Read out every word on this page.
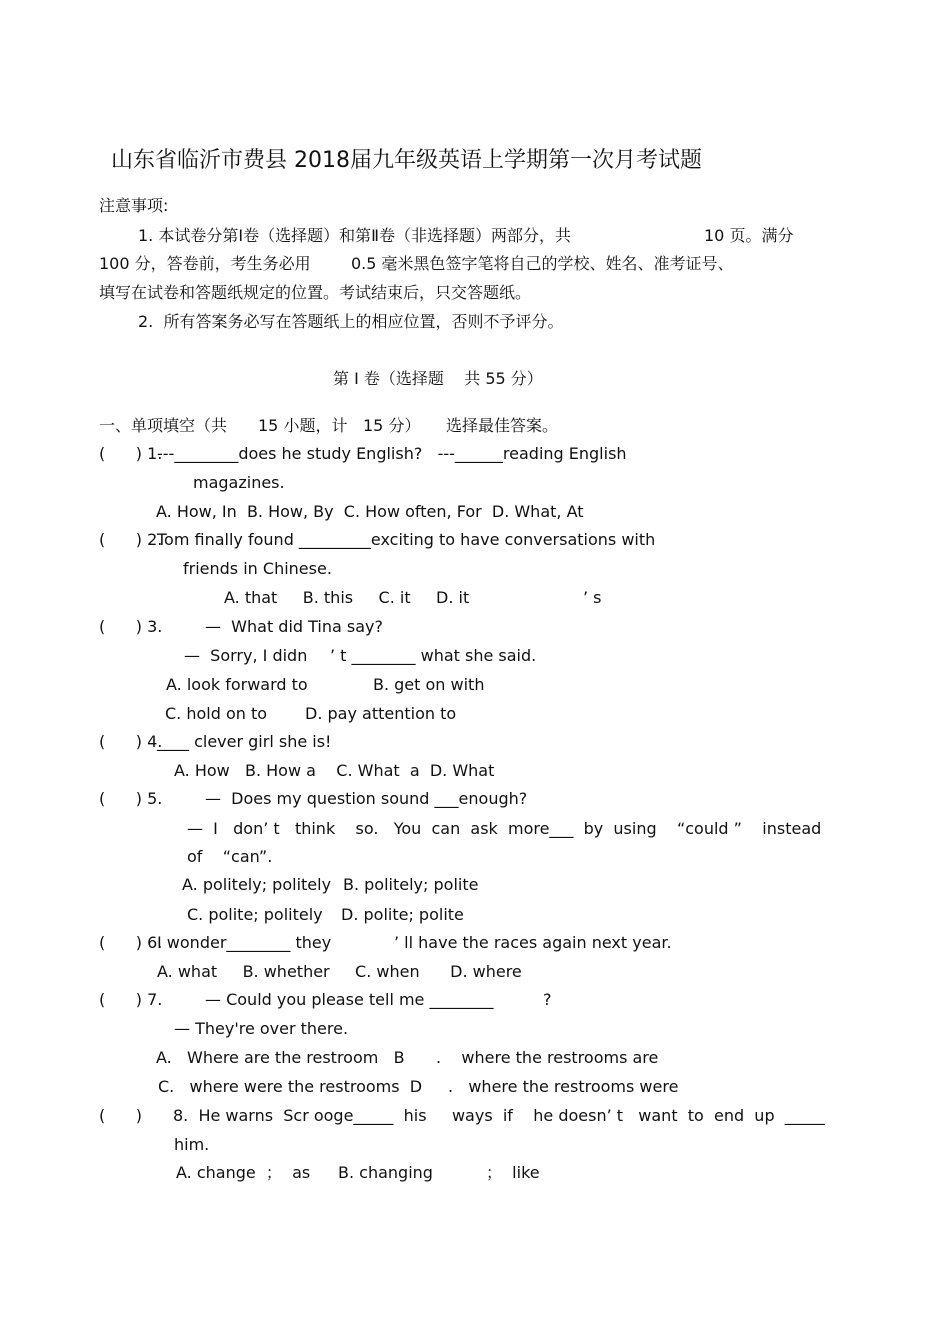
山东省临沂市费县 2018届九年级英语上学期第一次月考试题
注意事项:
1. 本试卷分第Ⅰ卷（选择题）和第Ⅱ卷（非选择题）两部分，共	10 页。满分
100 分，答卷前，考生务必用	0.5 毫米黑色签字笔将自己的学校、姓名、准考证号、
填写在试卷和答题纸规定的位置。考试结束后，只交答题纸。
2.  所有答案务必写在答题纸上的相应位置，否则不予评分。
第 I 卷（选择题    共 55 分）
一、单项填空（共 15 小题，计 15 分） 选择最佳答案。
(      ) 1.
---________does he study English?   ---______reading English
magazines.
A. How, In  B. How, By  C. How often, For  D. What, At
(      ) 2.
Tom finally found _________exciting to have conversations with
friends in Chinese.
A. that     B. this     C. it     D. it	’ s
(      ) 3.	—  What did Tina say?
—  Sorry, I didn ’ t ________ what she said.
A. look forward to	B. get on with
C. hold on to D. pay attention to
(      ) 4.
____ clever girl she is!
A. How   B. How a    C. What  a  D. What
(      ) 5.	—  Does my question sound ___enough?
—  I   don’ t   think    so.   You  can  ask  more___  by  using    “could ”    instead
of    “can”.
A. politely; politely B. politely; polite
C. polite; politely D. polite; polite
(      ) 6.
I wonder________ they	’ ll have the races again next year.
A. what     B. whether     C. when      D. where
(      ) 7.	— Could you please tell me ________	?
— They're over there.
A.   Where are the restroom   B .    where the restrooms are
C.   where were the restrooms  D .   where the restrooms were
(      ) 8.  He warns  Scr ooge_____  his     ways  if    he doesn’ t   want  to  end  up  _____
him.
A. change  ；  as B. changing	；  like
